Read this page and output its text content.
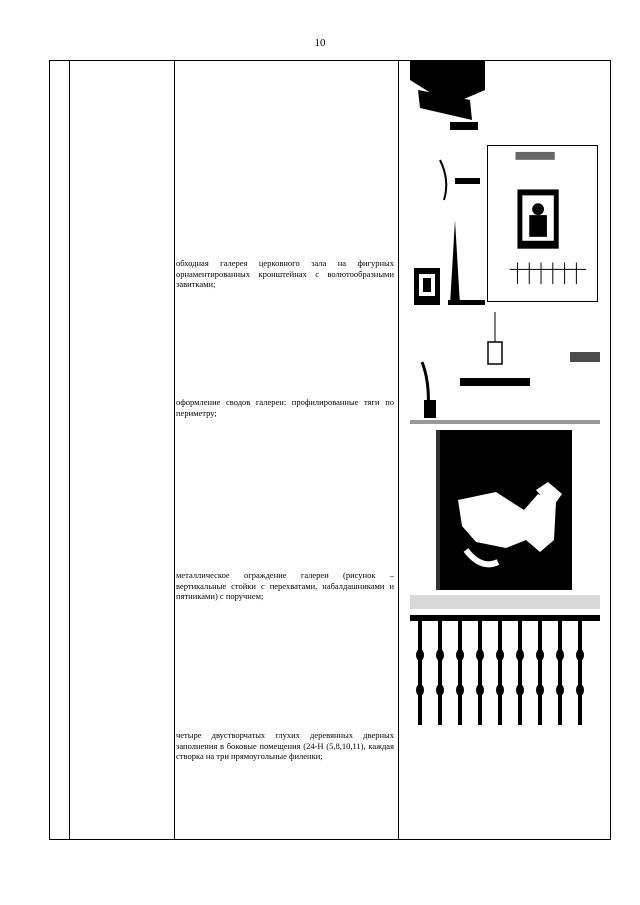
10
обходная галерея церковного зала на фигурных орнаментированных кронштейнах с волютообразными завитками;
оформление сводов галереи: профилированные тяги по периметру;
металлическое ограждение галереи (рисунок – вертикальные стойки с перехватами, набалдашниками и пятниками) с поручнем;
четыре двустворчатых глухих деревянных дверных заполнения в боковые помещения (24-Н (5,8,10,11), каждая створка на три прямоугольные филенки;
